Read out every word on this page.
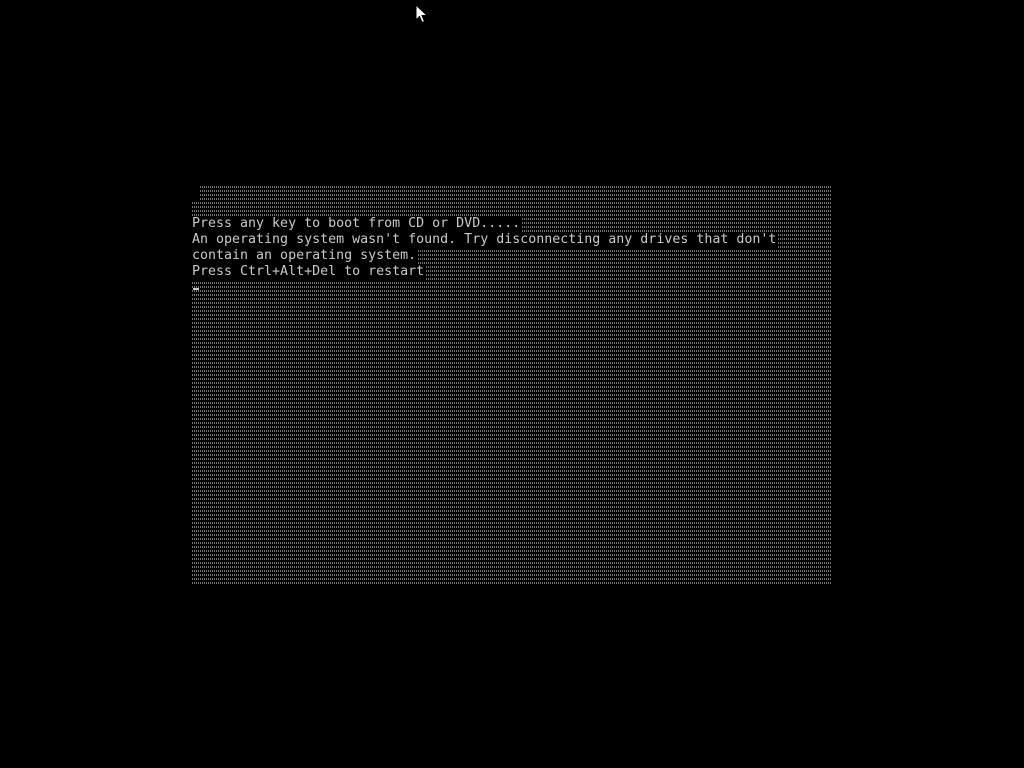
Press any key to boot from CD or DVD.....
An operating system wasn't found. Try disconnecting any drives that don't
contain an operating system.
Press Ctrl+Alt+Del to restart
